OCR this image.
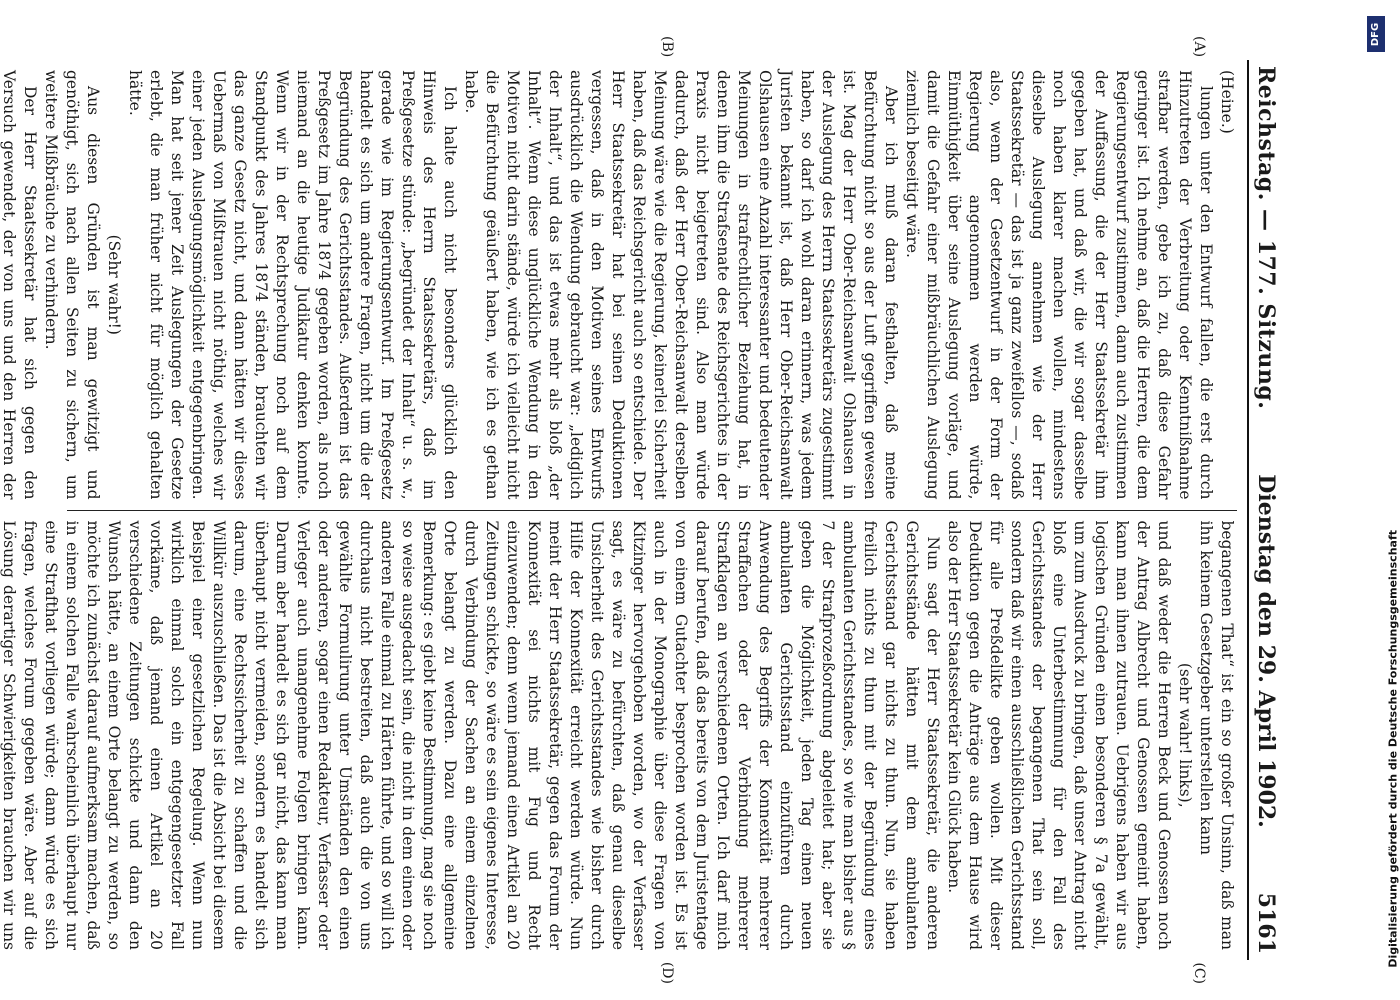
Reichstag. — 177. Sitzung.
Dienstag den 29. April 1902.
5161
(A)
(B)

(Heine.)

lungen unter den Entwurf fallen, die erst durch Hinzutreten der Verbreitung oder Kenntnißnahme strafbar werden, gebe ich zu, daß diese Gefahr geringer ist. Ich nehme an, daß die Herren, die dem Regierungsentwurf zustimmen, dann auch zustimmen der Auffassung, die der Herr Staatssekretär ihm gegeben hat, und daß wir, die wir sogar dasselbe noch haben klarer machen wollen, mindestens dieselbe Auslegung annehmen wie der Herr Staatssekretär — das ist ja ganz zweifellos —, sodaß also, wenn der Gesetzentwurf in der Form der Regierung angenommen werden würde, Einmüthigkeit über seine Auslegung vorläge, und damit die Gefahr einer mißbräuchlichen Auslegung ziemlich beseitigt wäre.

Aber ich muß daran festhalten, daß meine Befürchtung nicht so aus der Luft gegriffen gewesen ist. Mag der Herr Ober-Reichsanwalt Olshausen in der Auslegung des Herrn Staatssekretärs zugestimmt haben, so darf ich wohl daran erinnern, was jedem Juristen bekannt ist, daß Herr Ober-Reichsanwalt Olshausen eine Anzahl interessanter und bedeutender Meinungen in strafrechtlicher Beziehung hat, in denen ihm die Strafsenate des Reichsgerichtes in der Praxis nicht beigetreten sind. Also man würde dadurch, daß der Herr Ober-Reichsanwalt derselben Meinung wäre wie die Regierung, keinerlei Sicherheit haben, daß das Reichsgericht auch so entschiede. Der Herr Staatssekretär hat bei seinen Deduktionen vergessen, daß in den Motiven seines Entwurfs ausdrücklich die Wendung gebraucht war: „lediglich der Inhalt“, und das ist etwas mehr als bloß „der Inhalt“. Wenn diese unglückliche Wendung in den Motiven nicht darin stände, würde ich vielleicht nicht die Befürchtung geäußert haben, wie ich es gethan habe.

Ich halte auch nicht besonders glücklich den Hinweis des Herrn Staatssekretärs, daß im Preßgesetze stünde: „begründet der Inhalt“ u. s. w., gerade wie im Regierungsentwurf. Im Preßgesetz handelt es sich um andere Fragen, nicht um die der Begründung des Gerichtsstandes. Außerdem ist das Preßgesetz im Jahre 1874 gegeben worden, als noch niemand an die heutige Judikatur denken konnte. Wenn wir in der Rechtsprechung noch auf dem Standpunkt des Jahres 1874 ständen, brauchten wir das ganze Gesetz nicht, und dann hätten wir dieses Uebermaß von Mißtrauen nicht nöthig, welches wir einer jeden Auslegungsmöglichkeit entgegenbringen. Man hat seit jener Zeit Auslegungen der Gesetze erlebt, die man früher nicht für möglich gehalten hätte.

(Sehr wahr!)

Aus diesen Gründen ist man gewitzigt und genöthigt, sich nach allen Seiten zu sichern, um weitere Mißbräuche zu verhindern.

Der Herr Staatssekretär hat sich gegen den Versuch gewendet, der von uns und den Herren der

(C)
(D)

begangenen That“ ist ein so großer Unsinn, daß man ihn keinem Gesetzgeber unterstellen kann

(sehr wahr! links),

und daß weder die Herren Beck und Genossen noch der Antrag Albrecht und Genossen gemeint haben, kann man ihnen zutrauen. Uebrigens haben wir aus logischen Gründen einen besonderen § 7a gewählt, um zum Ausdruck zu bringen, daß unser Antrag nicht bloß eine Unterbestimmung für den Fall des Gerichtsstandes der begangenen That sein soll, sondern daß wir einen ausschließlichen Gerichtsstand für alle Preßdelikte geben wollen. Mit dieser Deduktion gegen die Anträge aus dem Hause wird also der Herr Staatssekretär kein Glück haben.

Nun sagt der Herr Staatssekretär, die anderen Gerichtsstände hätten mit dem ambulanten Gerichtsstand gar nichts zu thun. Nun, sie haben freilich nichts zu thun mit der Begründung eines ambulanten Gerichtsstandes, so wie man bisher aus § 7 der Strafprozeßordnung abgeleitet hat; aber sie geben die Möglichkeit, jeden Tag einen neuen ambulanten Gerichtsstand einzuführen durch Anwendung des Begriffs der Konnexität mehrerer Straffachen oder der Verbindung mehrerer Strafklagen an verschiedenen Orten. Ich darf mich darauf berufen, daß das bereits von dem Juristentage von einem Gutachter besprochen worden ist. Es ist auch in der Monographie über diese Fragen von Kitzinger hervorgehoben worden, wo der Verfasser sagt, es wäre zu befürchten, daß genau dieselbe Unsicherheit des Gerichtsstandes wie bisher durch Hilfe der Konnexität erreicht werden würde. Nun meint der Herr Staatssekretär, gegen das Forum der Konnexität sei nichts mit Fug und Recht einzuwenden; denn wenn jemand einen Artikel an 20 Zeitungen schickte, so wäre es sein eigenes Interesse, durch Verbindung der Sachen an einem einzelnen Orte belangt zu werden. Dazu eine allgemeine Bemerkung: es giebt keine Bestimmung, mag sie noch so weise ausgedacht sein, die nicht in dem einen oder anderen Falle einmal zu Härten führte, und so will ich durchaus nicht bestreiten, daß auch die von uns gewählte Formulirung unter Umständen den einen oder anderen, sogar einen Redakteur, Verfasser oder Verleger auch unangenehme Folgen bringen kann. Darum aber handelt es sich gar nicht, das kann man überhaupt nicht vermeiden, sondern es handelt sich darum, eine Rechtssicherheit zu schaffen und die Willkür auszuschließen. Das ist die Absicht bei diesem Beispiel einer gesetzlichen Regelung. Wenn nun wirklich einmal solch ein entgegengesetzter Fall vorkäme, daß jemand einen Artikel an 20 verschiedene Zeitungen schickte und dann den Wunsch hätte, an einem Orte belangt zu werden, so möchte ich zunächst darauf aufmerksam machen, daß in einem solchen Falle wahrscheinlich überhaupt nur eine Strafthat vorliegen würde; dann würde es sich fragen, welches Forum gegeben wäre. Aber auf die Lösung derartiger Schwierigkeiten brauchen wir uns

DFG
Digitalisierung gefördert durch die Deutsche Forschungsgemeinschaft
